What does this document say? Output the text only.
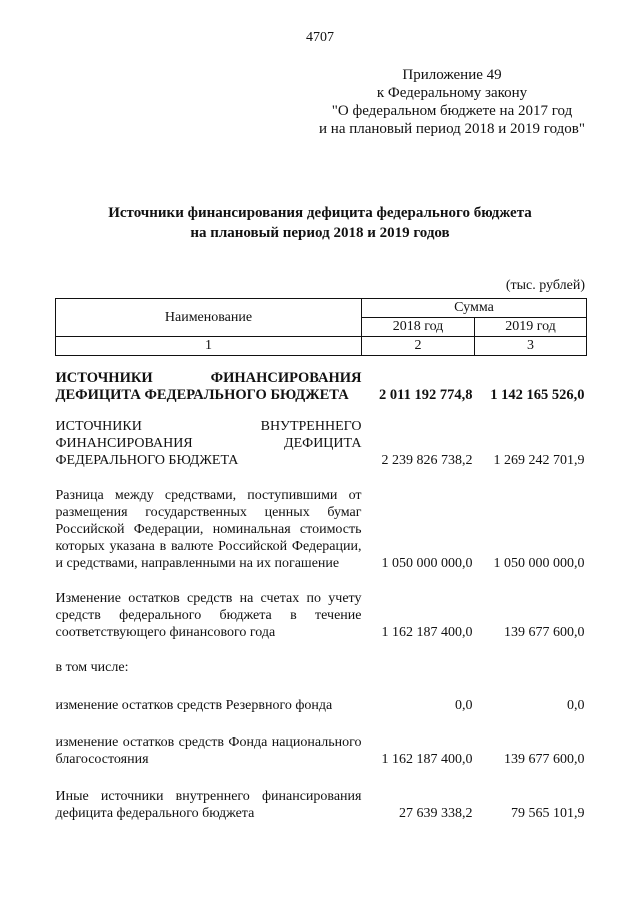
4707
Приложение 49
к Федеральному закону
"О федеральном бюджете на 2017 год
и на плановый период 2018 и 2019 годов"
Источники финансирования дефицита федерального бюджета
на плановый период 2018 и 2019 годов
(тыс. рублей)
Наименование	Сумма	
	2018 год	2019 год
1	2	3

ИСТОЧНИКИ ФИНАНСИРОВАНИЯ ДЕФИЦИТА ФЕДЕРАЛЬНОГО БЮДЖЕТА	2 011 192 774,8	1 142 165 526,0

ИСТОЧНИКИ ВНУТРЕННЕГО ФИНАНСИРОВАНИЯ ДЕФИЦИТА ФЕДЕРАЛЬНОГО БЮДЖЕТА	2 239 826 738,2	1 269 242 701,9

Разница между средствами, поступившими от размещения государственных ценных бумаг Российской Федерации, номинальная стоимость которых указана в валюте Российской Федерации, и средствами, направленными на их погашение	1 050 000 000,0	1 050 000 000,0

Изменение остатков средств на счетах по учету средств федерального бюджета в течение соответствующего финансового года	1 162 187 400,0	139 677 600,0

в том числе:		

изменение остатков средств Резервного фонда	0,0	0,0

изменение остатков средств Фонда национального благосостояния	1 162 187 400,0	139 677 600,0

Иные источники внутреннего финансирования дефицита федерального бюджета	27 639 338,2	79 565 101,9
